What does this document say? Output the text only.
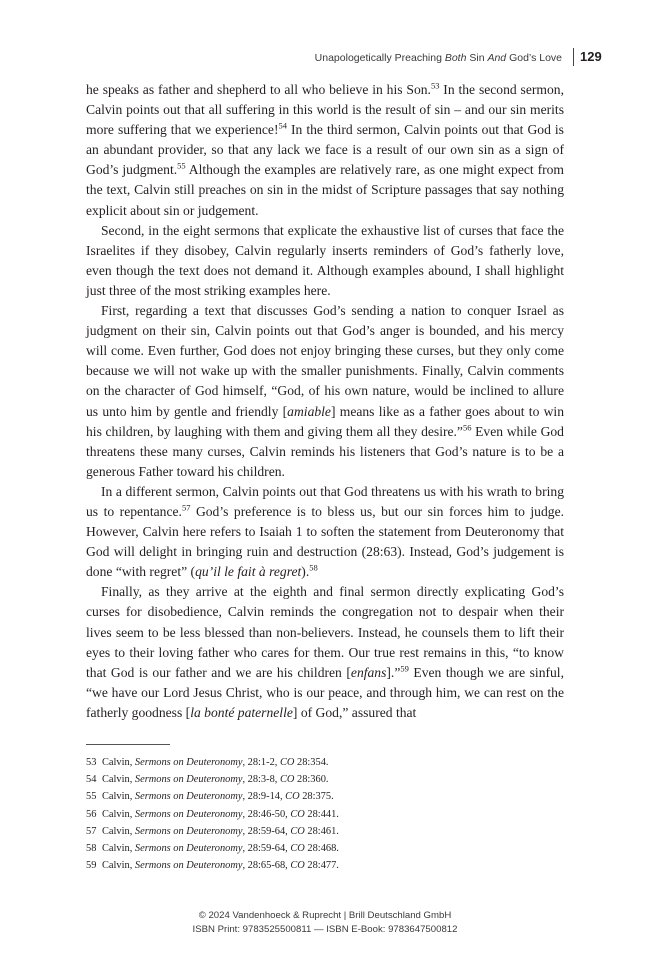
Unapologetically Preaching Both Sin And God’s Love 129

he speaks as father and shepherd to all who believe in his Son.$^{53}$ In the second sermon, Calvin points out that all suffering in this world is the result of sin – and our sin merits more suffering that we experience!$^{54}$ In the third sermon, Calvin points out that God is an abundant provider, so that any lack we face is a result of our own sin as a sign of God’s judgment.$^{55}$ Although the examples are relatively rare, as one might expect from the text, Calvin still preaches on sin in the midst of Scripture passages that say nothing explicit about sin or judgement.

Second, in the eight sermons that explicate the exhaustive list of curses that face the Israelites if they disobey, Calvin regularly inserts reminders of God’s fatherly love, even though the text does not demand it. Although examples abound, I shall highlight just three of the most striking examples here.

First, regarding a text that discusses God’s sending a nation to conquer Israel as judgment on their sin, Calvin points out that God’s anger is bounded, and his mercy will come. Even further, God does not enjoy bringing these curses, but they only come because we will not wake up with the smaller punishments. Finally, Calvin comments on the character of God himself, “God, of his own nature, would be inclined to allure us unto him by gentle and friendly [amiable] means like as a father goes about to win his children, by laughing with them and giving them all they desire.”$^{56}$ Even while God threatens these many curses, Calvin reminds his listeners that God’s nature is to be a generous Father toward his children.

In a different sermon, Calvin points out that God threatens us with his wrath to bring us to repentance.$^{57}$ God’s preference is to bless us, but our sin forces him to judge. However, Calvin here refers to Isaiah 1 to soften the statement from Deuteronomy that God will delight in bringing ruin and destruction (28:63). Instead, God’s judgement is done “with regret” (qu’il le fait à regret).$^{58}$

Finally, as they arrive at the eighth and final sermon directly explicating God’s curses for disobedience, Calvin reminds the congregation not to despair when their lives seem to be less blessed than non-believers. Instead, he counsels them to lift their eyes to their loving father who cares for them. Our true rest remains in this, “to know that God is our father and we are his children [enfans].”$^{59}$ Even though we are sinful, “we have our Lord Jesus Christ, who is our peace, and through him, we can rest on the fatherly goodness [la bonté paternelle] of God,” assured that

53 Calvin, Sermons on Deuteronomy, 28:1-2, CO 28:354.
54 Calvin, Sermons on Deuteronomy, 28:3-8, CO 28:360.
55 Calvin, Sermons on Deuteronomy, 28:9-14, CO 28:375.
56 Calvin, Sermons on Deuteronomy, 28:46-50, CO 28:441.
57 Calvin, Sermons on Deuteronomy, 28:59-64, CO 28:461.
58 Calvin, Sermons on Deuteronomy, 28:59-64, CO 28:468.
59 Calvin, Sermons on Deuteronomy, 28:65-68, CO 28:477.
© 2024 Vandenhoeck & Ruprecht | Brill Deutschland GmbH
ISBN Print: 9783525500811 — ISBN E-Book: 9783647500812
